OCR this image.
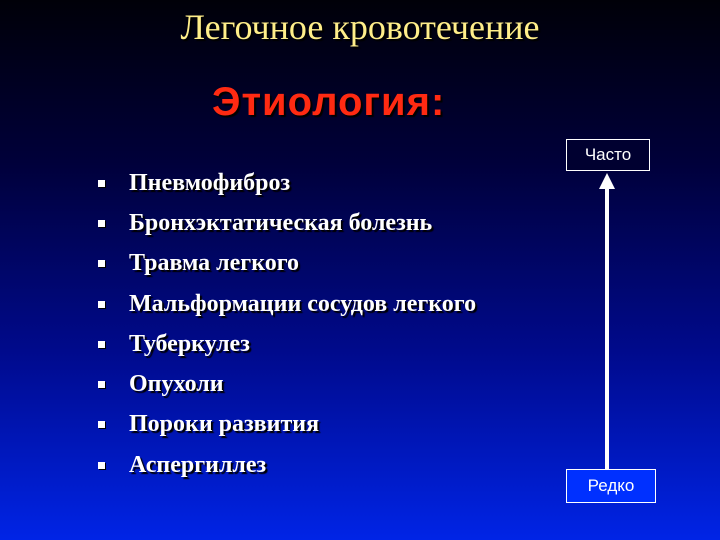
Легочное кровотечение
Этиология:
Пневмофиброз
Бронхэктатическая болезнь
Травма легкого
Мальформации сосудов легкого
Туберкулез
Опухоли
Пороки развития
Аспергиллез
Часто
Редко
